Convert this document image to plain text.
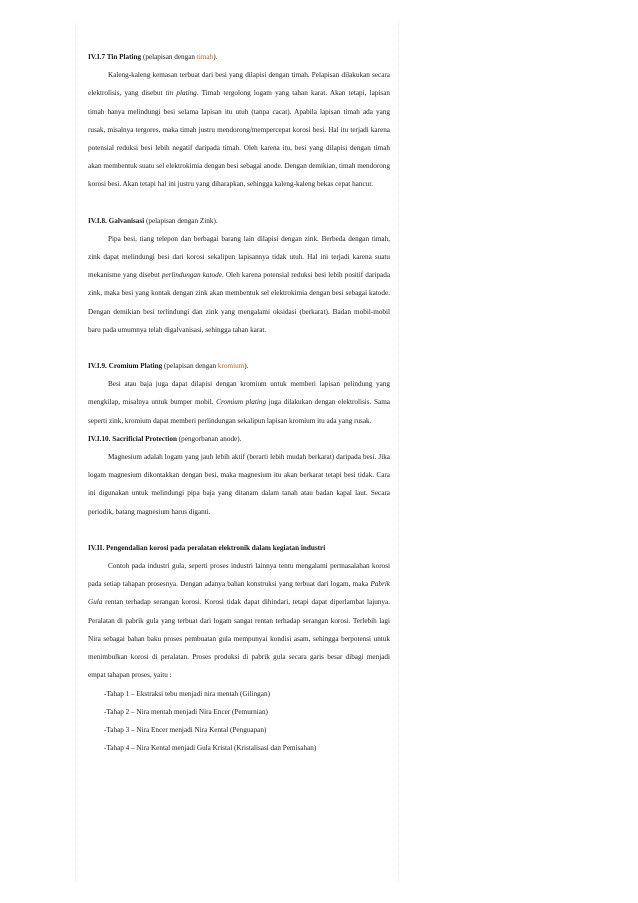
IV.I.7 Tin Plating (pelapisan dengan timah).

Kaleng-kaleng kemasan terbuat dari besi yang dilapisi dengan timah. Pelapisan dilakukan secara elektrolisis, yang disebut tin plating. Timah tergolong logam yang tahan karat. Akan tetapi, lapisan timah hanya melindungi besi selama lapisan itu utuh (tanpa cacat). Apabila lapisan timah ada yang rusak, misalnya tergores, maka timah justru mendorong/mempercepat korosi besi. Hal itu terjadi karena potensial reduksi besi lebih negatif daripada timah. Oleh karena itu, besi yang dilapisi dengan timah akan membentuk suatu sel elektrokimia dengan besi sebagai anode. Dengan demikian, timah mendorong korosi besi. Akan tetapi hal ini justru yang diharapkan, sehingga kaleng-kaleng bekas cepat hancur.

IV.I.8. Galvanisasi (pelapisan dengan Zink).

Pipa besi, tiang telepon dan berbagai barang lain dilapisi dengan zink. Berbeda dengan timah, zink dapat melindungi besi dari korosi sekalipun lapisannya tidak utuh. Hal ini terjadi karena suatu mekanisme yang disebut perlindungan katode. Oleh karena potensial reduksi besi lebih positif daripada zink, maka besi yang kontak dengan zink akan membentuk sel elektrokimia dengan besi sebagai katode. Dengan demikian besi terlindungi dan zink yang mengalami oksidasi (berkarat). Badan mobil-mobil baru pada umumnya telah digalvanisasi, sehingga tahan karat.

IV.I.9. Cromium Plating (pelapisan dengan kromium).

Besi atau baja juga dapat dilapisi dengan kromium untuk memberi lapisan pelindung yang mengkilap, misalnya untuk bumper mobil. Cromium plating juga dilakukan dengan elektrolisis. Sama seperti zink, kromium dapat memberi perlindungan sekalipun lapisan kromium itu ada yang rusak.

IV.I.10. Sacrificial Protection (pengorbanan anode).

Magnesium adalah logam yang jauh lebih aktif (berarti lebih mudah berkarat) daripada besi. Jika logam magnesium dikontakkan dengan besi, maka magnesium itu akan berkarat tetapi besi tidak. Cara ini digunakan untuk melindungi pipa baja yang ditanam dalam tanah atau badan kapal laut. Secara periodik, batang magnesium harus diganti.

IV.II. Pengendalian korosi pada peralatan elektronik dalam kegiatan industri

Contoh pada industri gula, seperti proses industri lainnya tentu mengalami permasalahan korosi pada setiap tahapan prosesnya. Dengan adanya bahan konstruksi yang terbuat dari logam, maka Pabrik Gula rentan terhadap serangan korosi. Korosi tidak dapat dihindari, tetapi dapat diperlambat lajunya. Peralatan di pabrik gula yang terbuat dari logam sangat rentan terhadap serangan korosi. Terlebih lagi Nira sebagai bahan baku proses pembuatan gula mempunyai kondisi asam, sehingga berpotensi untuk menimbulkan korosi di peralatan. Proses produksi di pabrik gula secara garis besar dibagi menjadi empat tahapan proses, yaitu :

-Tahap 1 – Ekstraksi tebu menjadi nira mentah (Gilingan)

-Tahap 2 – Nira mentah menjadi Nira Encer (Pemurnian)

-Tahap 3 – Nira Encer menjadi Nira Kental (Penguapan)

-Tahap 4 – Nira Kental menjadi Gula Kristal (Kristalisasi dan Pemisahan)
